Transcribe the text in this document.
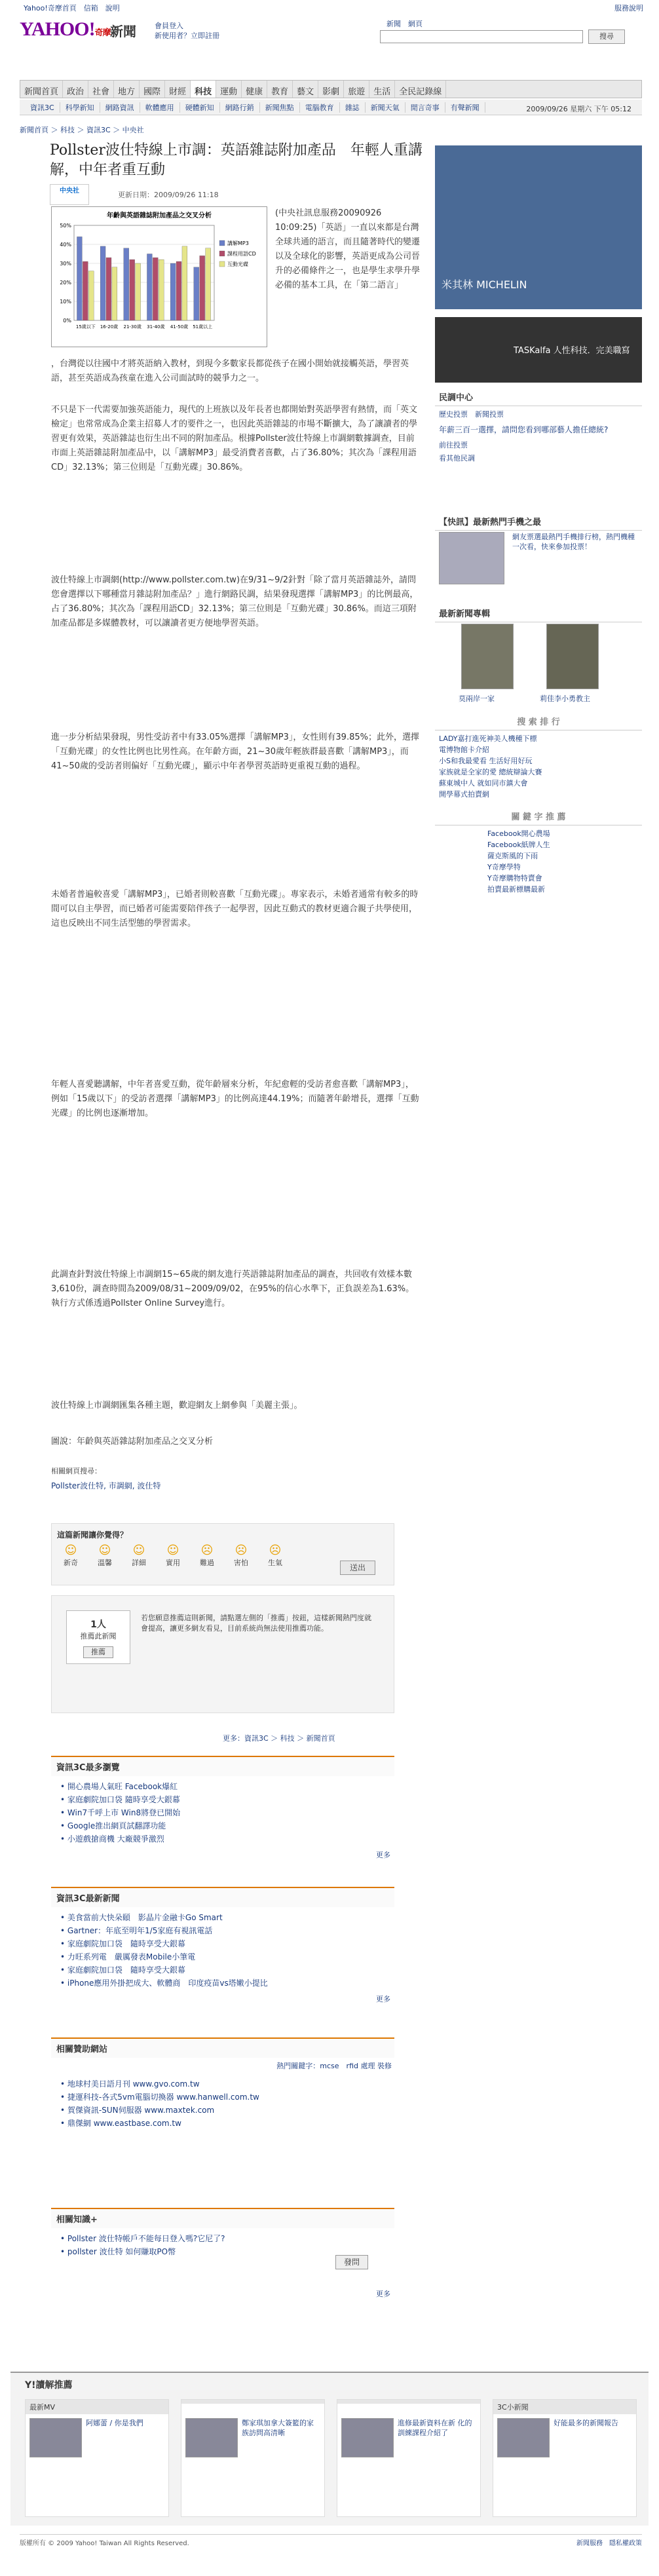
Yahoo!奇摩首頁　信箱　說明	服務說明
YAHOO!奇摩 新聞	會員登入
新使用者？立即註冊
新聞　網頁
搜尋
新聞首頁	政治	社會	地方	國際	財經	科技	運動	健康	教育	藝文	影劇	旅遊	生活	全民記錄線
資訊3C	科學新知	網路資訊	軟體應用	硬體新知	網路行銷	新聞焦點	電腦教育	雜誌	新聞天氣	閒言奇事	有聲新聞	2009/09/26 星期六 下午 05:12
新聞首頁 ＞ 科技 ＞ 資訊3C ＞ 中央社
Pollster波仕特線上市調：英語雜誌附加產品　年輕人重講解，中年者重互動
中央社	更新日期：2009/09/26 11:18
年齡與英語雜誌附加產品之交叉分析
0%
10%
20%
30%
40%
50%
15歲以下 16-20歲 21-30歲 31-40歲 41-50歲 51歲以上
講解MP3
課程用語CD
互動光碟
(中央社訊息服務20090926 10:09:25)「英語」一直以來都是台灣全球共通的語言，而且隨著時代的變遷以及全球化的影響，英語更成為公司晉升的必備條件之一，也是學生求學升學必備的基本工具，在「第二語言」
，台灣從以往國中才將英語納入教材，到現今多數家長都從孩子在國小開始就接觸英語，學習英語，甚至英語成為孩童在進入公司面試時的競爭力之一。
不只是下一代需要加強英語能力，現代的上班族以及年長者也都開始對英語學習有熱情，而「英文檢定」也常常成為企業主招募人才的要件之一，也因此英語雜誌的市場不斷擴大，為了讓讀者的學習更有效果，英語雜誌也衍生出不同的附加產品。根據Pollster波仕特線上市調網數據調查，目前市面上英語雜誌附加產品中，以「講解MP3」最受消費者喜歡，占了36.80%；其次為「課程用語CD」32.13%；第三位則是「互動光碟」30.86%。
波仕特線上市調網(http://www.pollster.com.tw)在9/31~9/2針對「除了當月英語雜誌外，請問您會選擇以下哪種當月雜誌附加產品？」進行網路民調，結果發現選擇「講解MP3」的比例最高，占了36.80%；其次為「課程用語CD」32.13%；第三位則是「互動光碟」30.86%。而這三項附加產品都是多媒體教材，可以讓讀者更方便地學習英語。
進一步分析結果發現，男性受訪者中有33.05%選擇「講解MP3」，女性則有39.85%；此外，選擇「互動光碟」的女性比例也比男性高。在年齡方面，21~30歲年輕族群最喜歡「講解MP3」，而41~50歲的受訪者則偏好「互動光碟」，顯示中年者學習英語時更重視互動的過程。
未婚者普遍較喜愛「講解MP3」，已婚者則較喜歡「互動光碟」。專家表示，未婚者通常有較多的時間可以自主學習，而已婚者可能需要陪伴孩子一起學習，因此互動式的教材更適合親子共學使用，這也反映出不同生活型態的學習需求。
年輕人喜愛聽講解，中年者喜愛互動，從年齡層來分析，年紀愈輕的受訪者愈喜歡「講解MP3」，例如「15歲以下」的受訪者選擇「講解MP3」的比例高達44.19%；而隨著年齡增長，選擇「互動光碟」的比例也逐漸增加。
此調查針對波仕特線上市調網15~65歲的網友進行英語雜誌附加產品的調查，共回收有效樣本數3,610份，調查時間為2009/08/31~2009/09/02，在95%的信心水準下，正負誤差為1.63%。執行方式係透過Pollster Online Survey進行。
波仕特線上市調網匯集各種主題，歡迎網友上網參與「美麗主張」。
圖說：年齡與英語雜誌附加產品之交叉分析
相關網頁搜尋：
Pollster波仕特, 市調網, 波仕特
這篇新聞讓你覺得？
☺
新奇
☺
溫馨
☺
詳細
☺
實用
☹
難過
☹
害怕
☹
生氣
送出
1人
推薦此新聞
推薦
若您願意推薦這則新聞，請點選左側的「推薦」按鈕，這樣新聞熱門度就會提高，讓更多網友看見，目前系統尚無法使用推薦功能。
更多：資訊3C ＞ 科技 ＞ 新聞首頁
資訊3C最多瀏覽
• 開心農場人氣旺 Facebook爆紅
• 家庭劇院加口袋 隨時享受大銀幕
• Win7千呼上市 Win8將登已開始
• Google推出網頁試翻譯功能
• 小遊戲搶商機 大廠競爭激烈
更多
資訊3C最新新聞
• 美食當前大快朵頤　影晶片金融卡Go Smart
• Gartner：年底至明年1/5家庭有視訊電話
• 家庭劇院加口袋　隨時享受大銀幕
• 力旺系列電　嚴厲發表Mobile小筆電
• 家庭劇院加口袋　隨時享受大銀幕
• iPhone應用外掛把成大、軟體商　印度疫苗vs塔嫩小提比
更多
相關贊助網站
熱門關鍵字：mcse　rfid 處理 裝修
• 地球村美日語月刊 www.gvo.com.tw
• 捷運科技-各式5vm電腦切換器 www.hanwell.com.tw
• 賀傑資訊-SUN伺服器 www.maxtek.com
• 鼎傑網 www.eastbase.com.tw
相關知識+
• Pollster 波仕特帳戶不能每日登入嗎?它尼了?
• pollster 波仕特 如何賺取PO幣
發問
更多
米其林 MICHELIN
TASKalfa 人性科技．完美職寫
民調中心
歷史投票　新聞投票
年薪三百一選擇，請問您看到哪部藝人擔任總統?
前往投票
看其他民調
【快訊】最新熱門手機之最
網友票選最熱門手機排行榜，熱門機種一次看，快來參加投票！
最新新聞專輯
莫兩岸一家	莉佳李小勇教主
搜 索 排 行
LADY嘉打進死神美人機種下標
電博物館卡介紹
小S和我最愛看 生活好用好玩
家族就是全家的愛 總統辯論大賽
蘇東城中人 就如同市鎮大會
開學幕式拍賣網
關 鍵 字 推 薦
Facebook開心農場
Facebook紙牌人生
薩克斯風的下雨
Y奇摩學特
Y奇摩購物特賣會
拍賣最新標購最新
Y!讀解推薦
最新MV
阿娜蕾 / 你是我們	鄭家琪加拿大簽籃的家族訪問高清晰
進修最新資料在新 化的訓練課程介紹了
3C小新聞
好能最多的新聞報告
版權所有 © 2009 Yahoo! Taiwan All Rights Reserved.	新聞服務　隱私權政策
